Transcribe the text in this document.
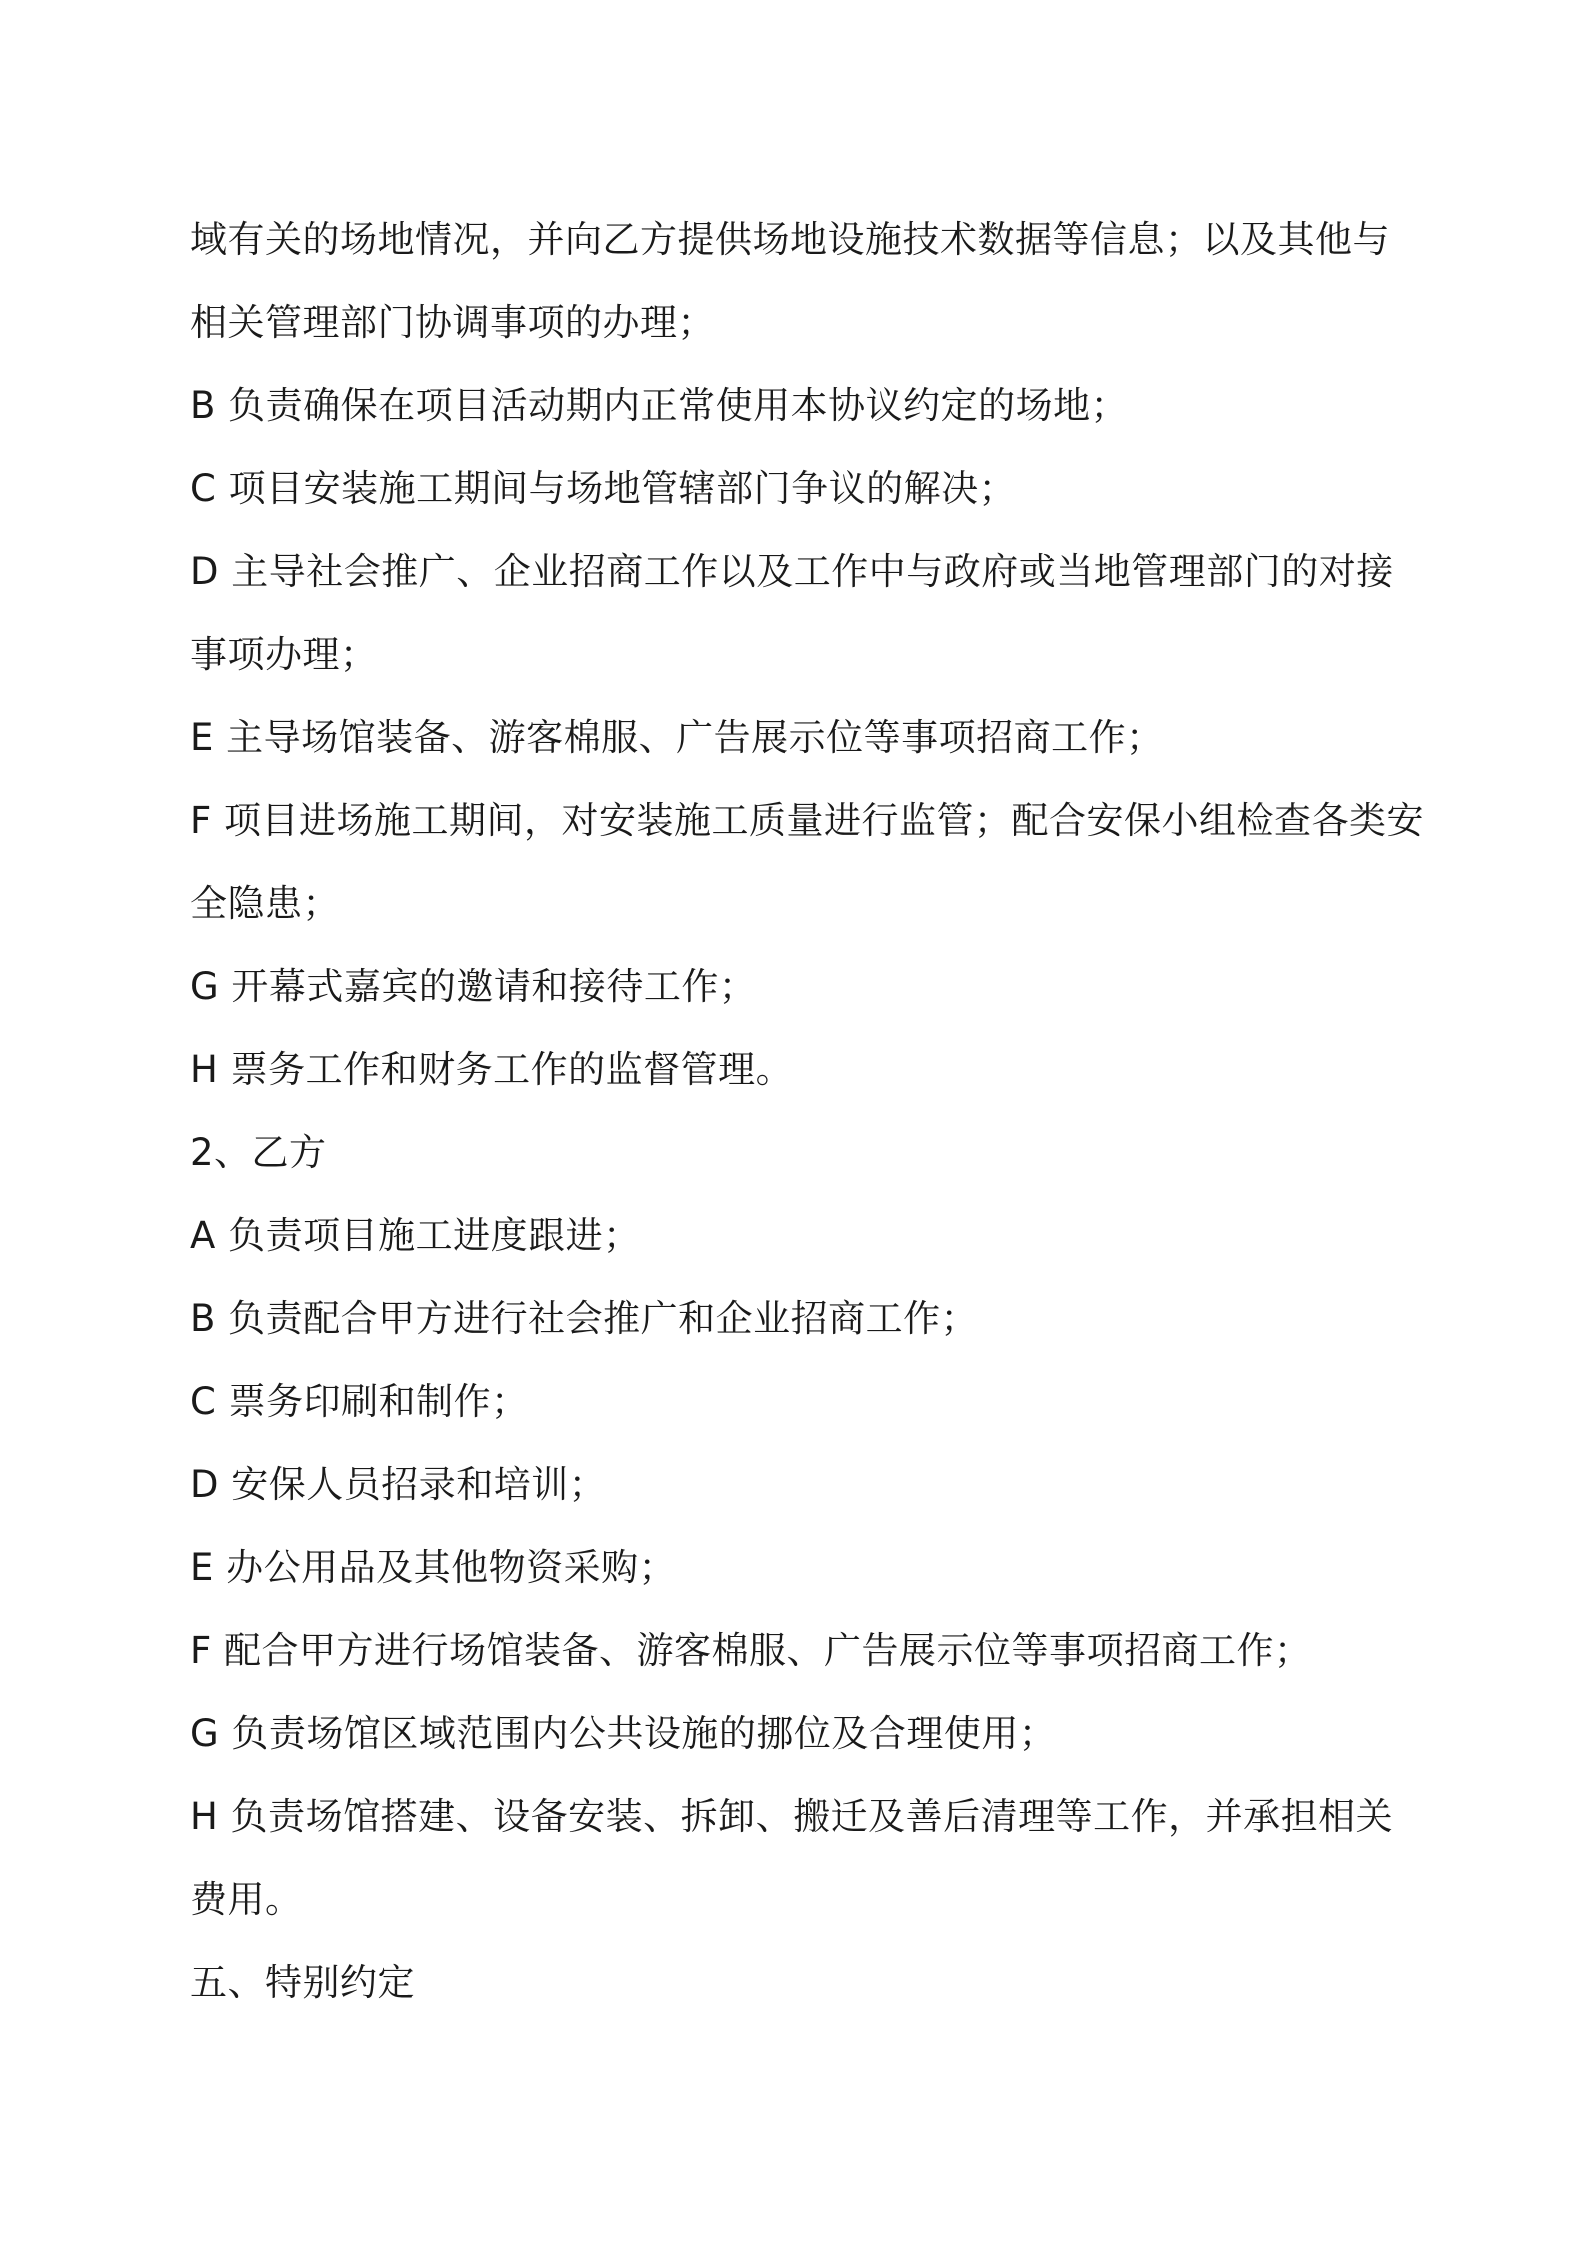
域有关的场地情况，并向乙方提供场地设施技术数据等信息；以及其他与
相关管理部门协调事项的办理；
B 负责确保在项目活动期内正常使用本协议约定的场地；
C 项目安装施工期间与场地管辖部门争议的解决；
D 主导社会推广、企业招商工作以及工作中与政府或当地管理部门的对接
事项办理；
E 主导场馆装备、游客棉服、广告展示位等事项招商工作；
F 项目进场施工期间，对安装施工质量进行监管；配合安保小组检查各类安
全隐患；
G 开幕式嘉宾的邀请和接待工作；
H 票务工作和财务工作的监督管理。
2、乙方
A 负责项目施工进度跟进；
B 负责配合甲方进行社会推广和企业招商工作；
C 票务印刷和制作；
D 安保人员招录和培训；
E 办公用品及其他物资采购；
F 配合甲方进行场馆装备、游客棉服、广告展示位等事项招商工作；
G 负责场馆区域范围内公共设施的挪位及合理使用；
H 负责场馆搭建、设备安装、拆卸、搬迁及善后清理等工作，并承担相关
费用。
五、特别约定
